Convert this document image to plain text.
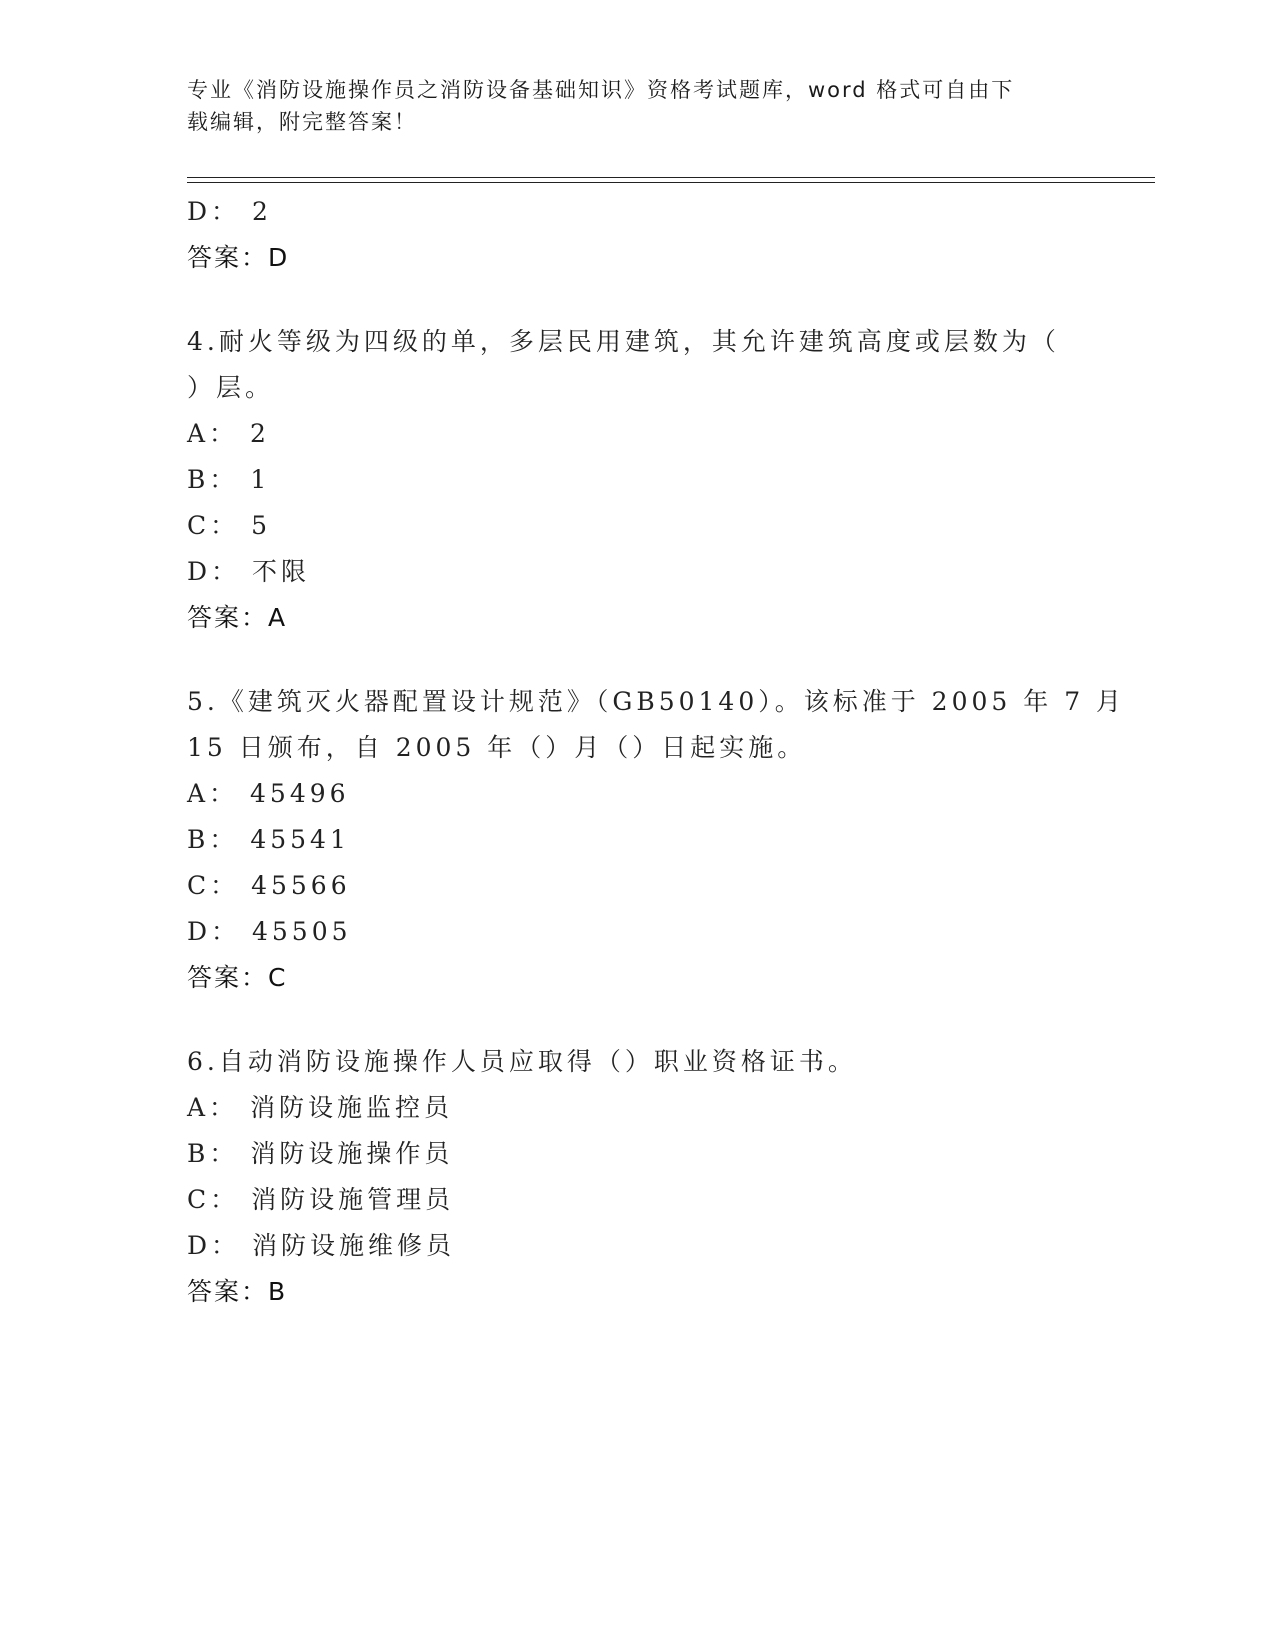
专业《消防设施操作员之消防设备基础知识》资格考试题库，word 格式可自由下
载编辑，附完整答案！
D： 2
答案：D
4.耐火等级为四级的单，多层民用建筑，其允许建筑高度或层数为（
）层。
A： 2
B： 1
C： 5
D： 不限
答案：A
5.《建筑灭火器配置设计规范》（GB50140）。该标准于 2005 年 7 月
15 日颁布，自 2005 年（）月（）日起实施。
A： 45496
B： 45541
C： 45566
D： 45505
答案：C
6.自动消防设施操作人员应取得（）职业资格证书。
A： 消防设施监控员
B： 消防设施操作员
C： 消防设施管理员
D： 消防设施维修员
答案：B
